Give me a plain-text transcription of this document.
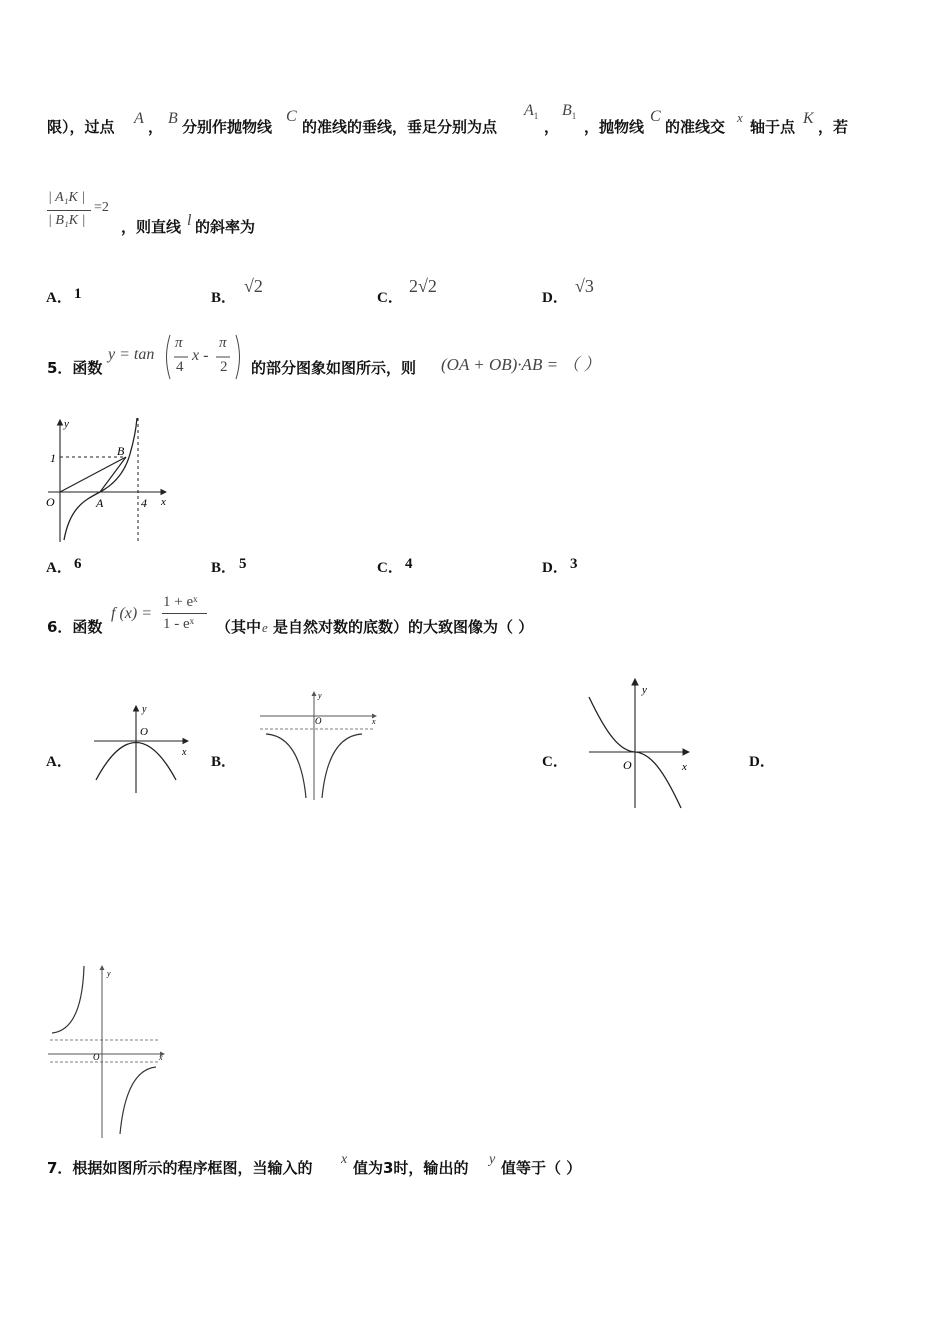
限），过点 A ， B 分别作抛物线
C
的准线的垂线，垂足分别为点
$A_1$
，
$B_1$
，抛物线
C
的准线交
x
轴于点 K ，若
| A₁K |
| B₁K |
=2
，则直线 l 的斜率为
A． 1	B．
√2
C．
2√2
D．
√3
5．函数
y = tan
π
4
x -
π
2 的部分图象如图所示，则 (OA + OB)·AB = （ ）
y
1	B
O	A	4 x
A． 6	B． 5	C． 4	D． 3
6．函数
f (x) =
1 + eˣ
1 - eˣ （其中 e 是自然对数的底数）的大致图像为（ ）
A．
y
O
x
B．
y
O	x
C．
y
O	x	D．
y
O	x
7．根据如图所示的程序框图，当输入的 x 值为3时，输出的 y 值等于（ ）
